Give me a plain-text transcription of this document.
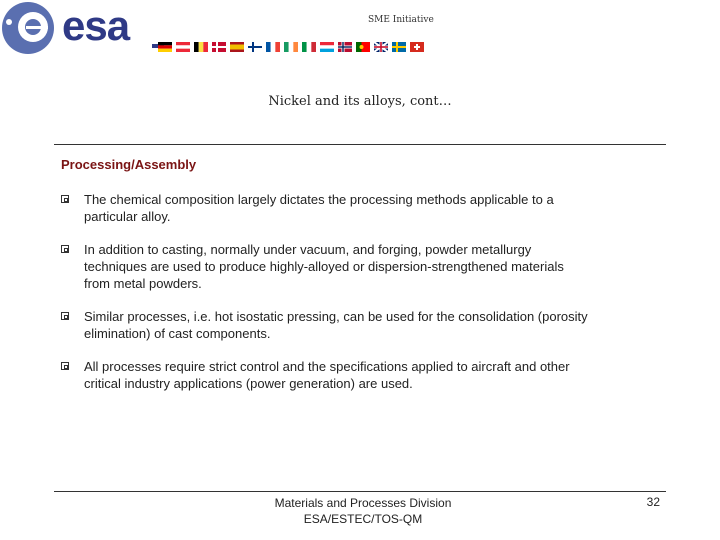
esa	SME Initiative
Nickel and its alloys, cont…
Processing/Assembly
The chemical composition largely dictates the processing methods applicable to a
particular alloy.
In addition to casting, normally under vacuum, and forging, powder metallurgy
techniques are used to produce highly-alloyed or dispersion-strengthened materials
from metal powders.
Similar processes, i.e. hot isostatic pressing, can be used for the consolidation (porosity
elimination) of cast components.
All processes require strict control and the specifications applied to aircraft and other
critical industry applications (power generation) are used.
Materials and Processes Division
ESA/ESTEC/TOS-QM
32
